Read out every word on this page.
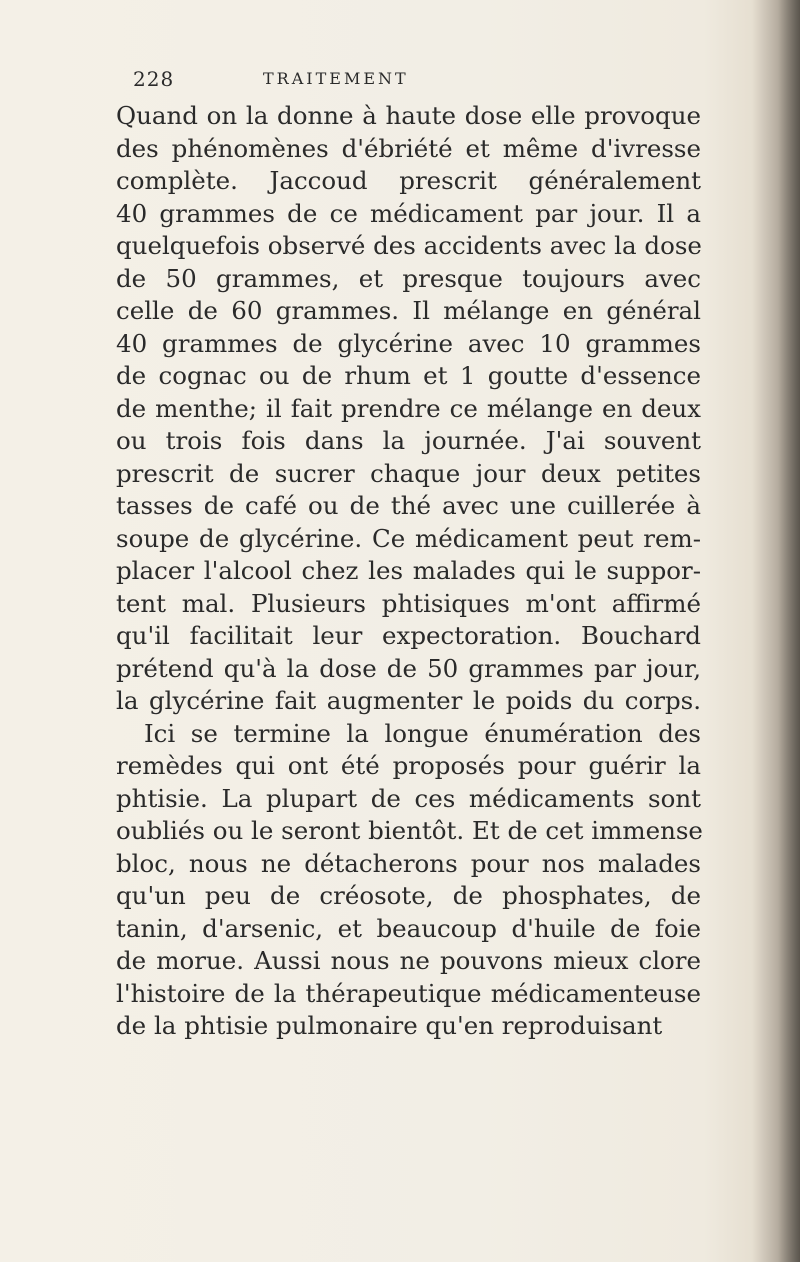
228	TRAITEMENT
Quand on la donne à haute dose elle provoque
des phénomènes d'ébriété et même d'ivresse
complète. Jaccoud prescrit généralement
40 grammes de ce médicament par jour. Il a
quelquefois observé des accidents avec la dose
de 50 grammes, et presque toujours avec
celle de 60 grammes. Il mélange en général
40 grammes de glycérine avec 10 grammes
de cognac ou de rhum et 1 goutte d'essence
de menthe; il fait prendre ce mélange en deux
ou trois fois dans la journée. J'ai souvent
prescrit de sucrer chaque jour deux petites
tasses de café ou de thé avec une cuillerée à
soupe de glycérine. Ce médicament peut rem-
placer l'alcool chez les malades qui le suppor-
tent mal. Plusieurs phtisiques m'ont affirmé
qu'il facilitait leur expectoration. Bouchard
prétend qu'à la dose de 50 grammes par jour,
la glycérine fait augmenter le poids du corps.
Ici se termine la longue énumération des
remèdes qui ont été proposés pour guérir la
phtisie. La plupart de ces médicaments sont
oubliés ou le seront bientôt. Et de cet immense
bloc, nous ne détacherons pour nos malades
qu'un peu de créosote, de phosphates, de
tanin, d'arsenic, et beaucoup d'huile de foie
de morue. Aussi nous ne pouvons mieux clore
l'histoire de la thérapeutique médicamenteuse
de la phtisie pulmonaire qu'en reproduisant
